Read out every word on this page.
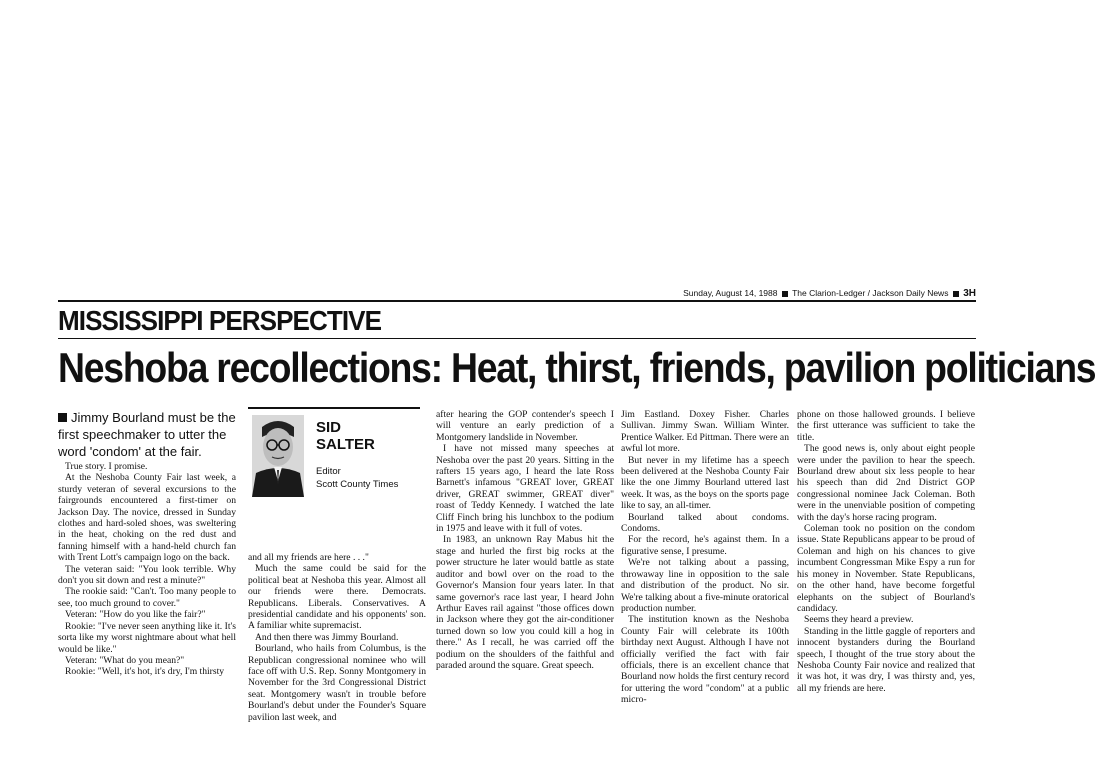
Sunday, August 14, 1988 The Clarion-Ledger / Jackson Daily News 3H
MISSISSIPPI PERSPECTIVE
Neshoba recollections: Heat, thirst, friends, pavilion politicians
Jimmy Bourland must be the first speechmaker to utter the word 'condom' at the fair.

True story. I promise.

At the Neshoba County Fair last week, a sturdy veteran of several excursions to the fairgrounds encountered a first-timer on Jackson Day. The novice, dressed in Sunday clothes and hard-soled shoes, was sweltering in the heat, choking on the red dust and fanning himself with a hand-held church fan with Trent Lott's campaign logo on the back.

The veteran said: "You look terrible. Why don't you sit down and rest a minute?"

The rookie said: "Can't. Too many people to see, too much ground to cover."

Veteran: "How do you like the fair?"

Rookie: "I've never seen anything like it. It's sorta like my worst nightmare about what hell would be like."

Veteran: "What do you mean?"

Rookie: "Well, it's hot, it's dry, I'm thirsty

SID
SALTER
Editor
Scott County Times

and all my friends are here . . ."

Much the same could be said for the political beat at Neshoba this year. Almost all our friends were there. Democrats. Republicans. Liberals. Conservatives. A presidential candidate and his opponents' son. A familiar white supremacist.

And then there was Jimmy Bourland.

Bourland, who hails from Columbus, is the Republican congressional nominee who will face off with U.S. Rep. Sonny Montgomery in November for the 3rd Congressional District seat. Montgomery wasn't in trouble before Bourland's debut under the Founder's Square pavilion last week, and

after hearing the GOP contender's speech I will venture an early prediction of a Montgomery landslide in November.

I have not missed many speeches at Neshoba over the past 20 years. Sitting in the rafters 15 years ago, I heard the late Ross Barnett's infamous "GREAT lover, GREAT driver, GREAT swimmer, GREAT diver" roast of Teddy Kennedy. I watched the late Cliff Finch bring his lunchbox to the podium in 1975 and leave with it full of votes.

In 1983, an unknown Ray Mabus hit the stage and hurled the first big rocks at the power structure he later would battle as state auditor and bowl over on the road to the Governor's Mansion four years later. In that same governor's race last year, I heard John Arthur Eaves rail against "those offices down in Jackson where they got the air-conditioner turned down so low you could kill a hog in there." As I recall, he was carried off the podium on the shoulders of the faithful and paraded around the square. Great speech.

Jim Eastland. Doxey Fisher. Charles Sullivan. Jimmy Swan. William Winter. Prentice Walker. Ed Pittman. There were an awful lot more.

But never in my lifetime has a speech been delivered at the Neshoba County Fair like the one Jimmy Bourland uttered last week. It was, as the boys on the sports page like to say, an all-timer.

Bourland talked about condoms. Condoms.

For the record, he's against them. In a figurative sense, I presume.

We're not talking about a passing, throwaway line in opposition to the sale and distribution of the product. No sir. We're talking about a five-minute oratorical production number.

The institution known as the Neshoba County Fair will celebrate its 100th birthday next August. Although I have not officially verified the fact with fair officials, there is an excellent chance that Bourland now holds the first century record for uttering the word "condom" at a public micro-

phone on those hallowed grounds. I believe the first utterance was sufficient to take the title.

The good news is, only about eight people were under the pavilion to hear the speech. Bourland drew about six less people to hear his speech than did 2nd District GOP congressional nominee Jack Coleman. Both were in the unenviable position of competing with the day's horse racing program.

Coleman took no position on the condom issue. State Republicans appear to be proud of Coleman and high on his chances to give incumbent Congressman Mike Espy a run for his money in November. State Republicans, on the other hand, have become forgetful elephants on the subject of Bourland's candidacy.

Seems they heard a preview.

Standing in the little gaggle of reporters and innocent bystanders during the Bourland speech, I thought of the true story about the Neshoba County Fair novice and realized that it was hot, it was dry, I was thirsty and, yes, all my friends are here.
